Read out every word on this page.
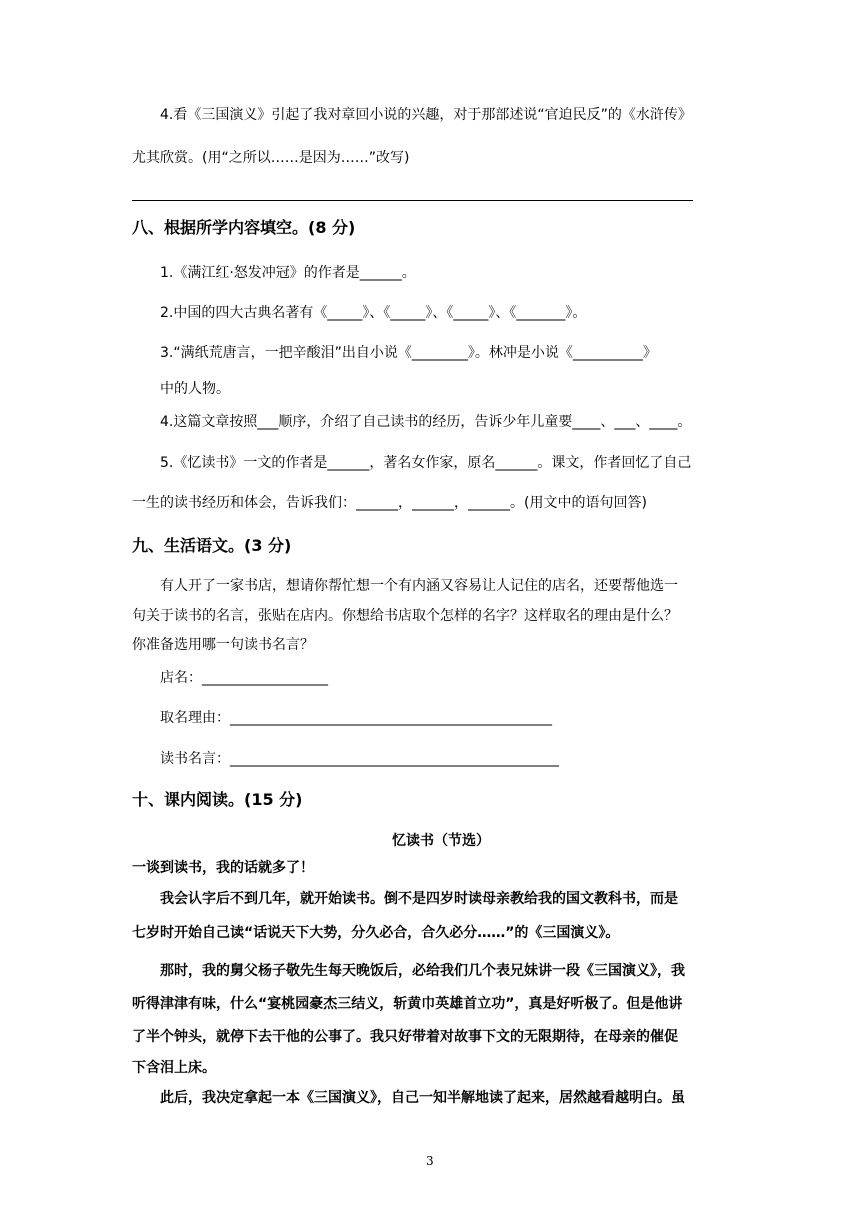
4.看《三国演义》引起了我对章回小说的兴趣，对于那部述说“官迫民反”的《水浒传》
尤其欣赏。(用“之所以……是因为……”改写)
八、根据所学内容填空。(8 分)
1.《满江红·怒发冲冠》的作者是______。
2.中国的四大古典名著有《_____》、《_____》、《_____》、《_______》。
3.“满纸荒唐言，一把辛酸泪”出自小说《________》。林冲是小说《__________》
中的人物。
4.这篇文章按照___顺序，介绍了自己读书的经历，告诉少年儿童要____、___、____。
5.《忆读书》一文的作者是______，著名女作家，原名______。课文，作者回忆了自己
一生的读书经历和体会，告诉我们：______，______，______。(用文中的语句回答)
九、生活语文。(3 分)
有人开了一家书店，想请你帮忙想一个有内涵又容易让人记住的店名，还要帮他选一
句关于读书的名言，张贴在店内。你想给书店取个怎样的名字？这样取名的理由是什么？
你准备选用哪一句读书名言？
店名：__________________
取名理由：______________________________________________
读书名言：_______________________________________________
十、课内阅读。(15 分)
忆读书（节选）
一谈到读书，我的话就多了！
我会认字后不到几年，就开始读书。倒不是四岁时读母亲教给我的国文教科书，而是
七岁时开始自己读“话说天下大势，分久必合，合久必分……”的《三国演义》。
那时，我的舅父杨子敬先生每天晚饭后，必给我们几个表兄妹讲一段《三国演义》，我
听得津津有味，什么“宴桃园豪杰三结义，斩黄巾英雄首立功”，真是好听极了。但是他讲
了半个钟头，就停下去干他的公事了。我只好带着对故事下文的无限期待，在母亲的催促
下含泪上床。
此后，我决定拿起一本《三国演义》，自己一知半解地读了起来，居然越看越明白。虽
3
